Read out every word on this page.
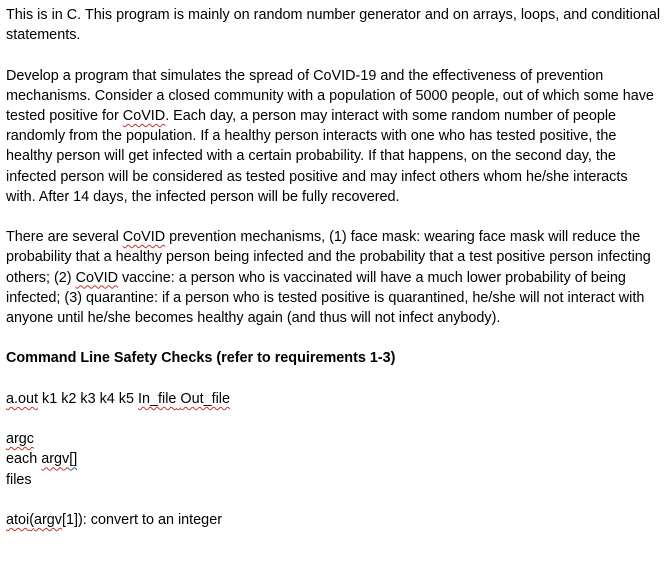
This is in C. This program is mainly on random number generator and on arrays, loops, and conditional statements.

Develop a program that simulates the spread of CoVID-19 and the effectiveness of prevention mechanisms. Consider a closed community with a population of 5000 people, out of which some have tested positive for CoVID. Each day, a person may interact with some random number of people randomly from the population. If a healthy person interacts with one who has tested positive, the healthy person will get infected with a certain probability. If that happens, on the second day, the infected person will be considered as tested positive and may infect others whom he/she interacts with. After 14 days, the infected person will be fully recovered.

There are several CoVID prevention mechanisms, (1) face mask: wearing face mask will reduce the probability that a healthy person being infected and the probability that a test positive person infecting others; (2) CoVID vaccine: a person who is vaccinated will have a much lower probability of being infected; (3) quarantine: if a person who is tested positive is quarantined, he/she will not interact with anyone until he/she becomes healthy again (and thus will not infect anybody).

Command Line Safety Checks (refer to requirements 1-3)

a.out k1 k2 k3 k4 k5 In_file Out_file

argc

each argv[]

files

atoi(argv[1]): convert to an integer
